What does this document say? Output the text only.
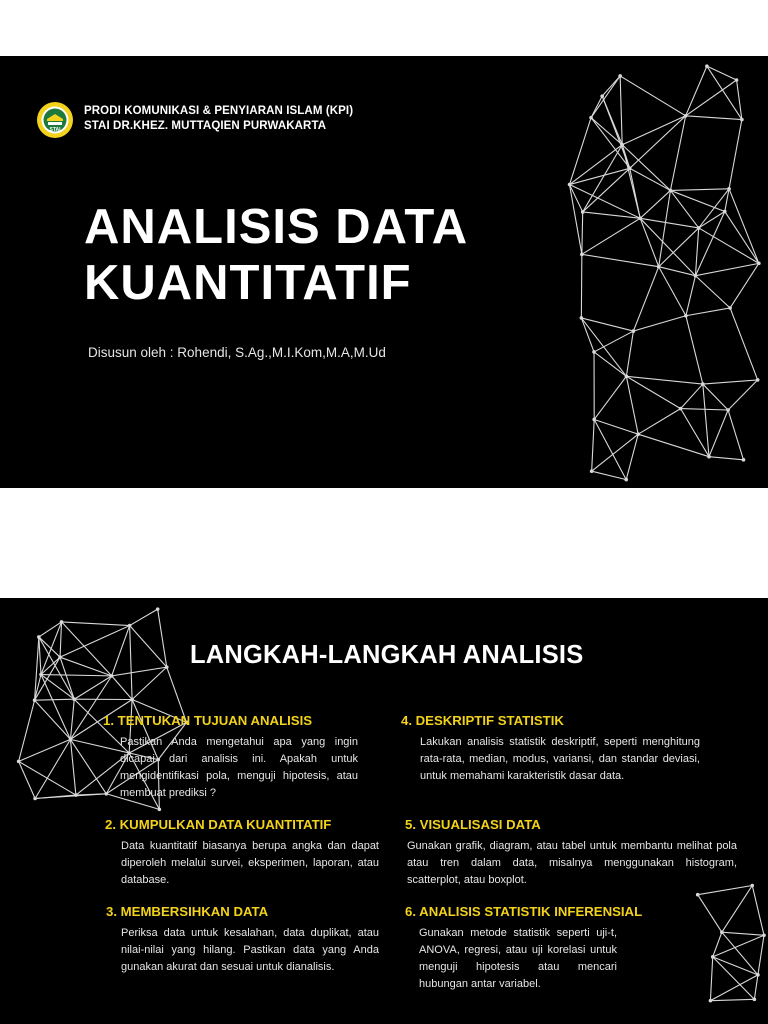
STAI
PRODI KOMUNIKASI & PENYIARAN ISLAM (KPI)
STAI DR.KHEZ. MUTTAQIEN PURWAKARTA
ANALISIS DATA
KUANTITATIF
Disusun oleh : Rohendi, S.Ag.,M.I.Kom,M.A,M.Ud
LANGKAH-LANGKAH ANALISIS
1. TENTUKAN TUJUAN ANALISIS

Pastikan Anda mengetahui apa yang ingin dicapai dari analisis ini. Apakah untuk mengidentifikasi pola, menguji hipotesis, atau membuat prediksi ?

2. KUMPULKAN DATA KUANTITATIF

Data kuantitatif biasanya berupa angka dan dapat diperoleh melalui survei, eksperimen, laporan, atau database.

3. MEMBERSIHKAN DATA

Periksa data untuk kesalahan, data duplikat, atau nilai-nilai yang hilang. Pastikan data yang Anda gunakan akurat dan sesuai untuk dianalisis.

4. DESKRIPTIF STATISTIK

Lakukan analisis statistik deskriptif, seperti menghitung rata-rata, median, modus, variansi, dan standar deviasi, untuk memahami karakteristik dasar data.

5. VISUALISASI DATA

Gunakan grafik, diagram, atau tabel untuk membantu melihat pola atau tren dalam data, misalnya menggunakan histogram, scatterplot, atau boxplot.

6. ANALISIS STATISTIK INFERENSIAL

Gunakan metode statistik seperti uji-t, ANOVA, regresi, atau uji korelasi untuk menguji hipotesis atau mencari hubungan antar variabel.
